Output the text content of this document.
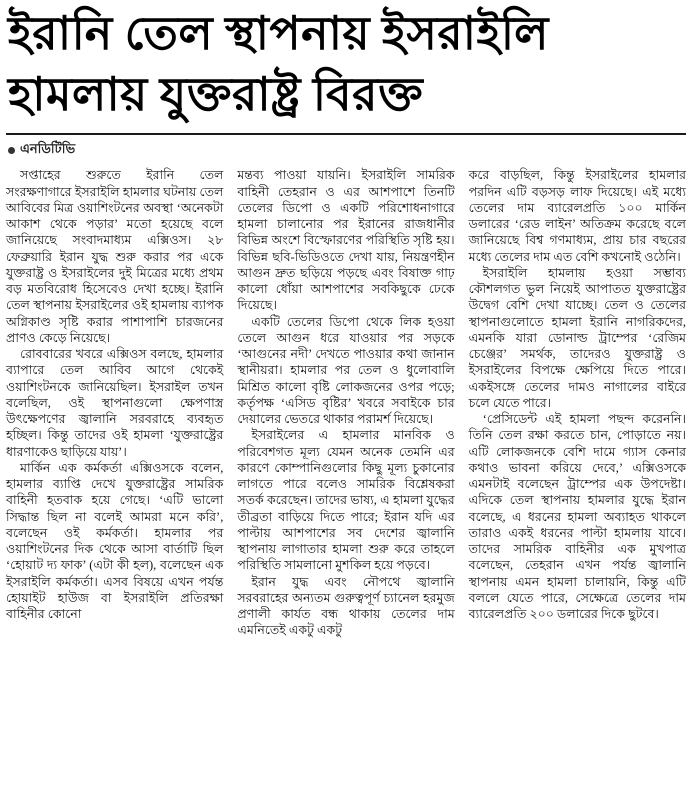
ইরানি তেল স্থাপনায় ইসরাইলি হামলায় যুক্তরাষ্ট্র বিরক্ত
এনডিটিভি

সপ্তাহের শুরুতে ইরানি তেল সংরক্ষণাগারে ইসরাইলি হামলার ঘটনায় তেল আবিবের মিত্র ওয়াশিংটনের অবস্থা ‘অনেকটা আকাশ থেকে পড়ার’ মতো হয়েছে বলে জানিয়েছে সংবাদমাধ্যম এক্সিওস। ২৮ ফেব্রুয়ারি ইরান যুদ্ধ শুরু করার পর একে যুক্তরাষ্ট্র ও ইসরাইলের দুই মিত্রের মধ্যে প্রথম বড় মতবিরোধ হিসেবেও দেখা হচ্ছে। ইরানি তেল স্থাপনায় ইসরাইলের ওই হামলায় ব্যাপক অগ্নিকাণ্ড সৃষ্টি করার পাশাপাশি চারজনের প্রাণও কেড়ে নিয়েছে।

রোববারের খবরে এক্সিওস বলছে, হামলার ব্যাপারে তেল আবিব আগে থেকেই ওয়াশিংটনকে জানিয়েছিল। ইসরাইল তখন বলেছিল, ওই স্থাপনাগুলো ক্ষেপণাস্ত্র উৎক্ষেপণের জ্বালানি সরবরাহে ব্যবহৃত হচ্ছিল। কিন্তু তাদের ওই হামলা ‘যুক্তরাষ্ট্রের ধারণাকেও ছাড়িয়ে যায়’।

মার্কিন এক কর্মকর্তা এক্সিওসকে বলেন, হামলার ব্যাপ্তি দেখে যুক্তরাষ্ট্রের সামরিক বাহিনী হতবাক হয়ে গেছে। ‘এটি ভালো সিদ্ধান্ত ছিল না বলেই আমরা মনে করি’, বলেছেন ওই কর্মকর্তা। হামলার পর ওয়াশিংটনের দিক থেকে আসা বার্তাটি ছিল ‘হোয়াট দ্য ফাক’ (এটা কী হল), বলেছেন এক ইসরাইলি কর্মকর্তা। এসব বিষয়ে এখন পর্যন্ত হোয়াইট হাউজ বা ইসরাইলি প্রতিরক্ষা বাহিনীর কোনো

মন্তব্য পাওয়া যায়নি। ইসরাইলি সামরিক বাহিনী তেহরান ও এর আশপাশে তিনটি তেলের ডিপো ও একটি পরিশোধনাগারে হামলা চালানোর পর ইরানের রাজধানীর বিভিন্ন অংশে বিস্ফোরণের পরিস্থিতি সৃষ্টি হয়। বিভিন্ন ছবি-ভিডিওতে দেখা যায়, নিয়ন্ত্রণহীন আগুন দ্রুত ছড়িয়ে পড়ছে এবং বিষাক্ত গাঢ় কালো ধোঁয়া আশপাশের সবকিছুকে ঢেকে দিয়েছে।

একটি তেলের ডিপো থেকে লিক হওয়া তেলে আগুন ধরে যাওয়ার পর সড়কে ‘আগুনের নদী’ দেখতে পাওয়ার কথা জানান স্থানীয়রা। হামলার পর তেল ও ধুলোবালি মিশ্রিত কালো বৃষ্টি লোকজনের ওপর পড়ে; কর্তৃপক্ষ ‘এসিড বৃষ্টির’ খবরে সবাইকে চার দেয়ালের ভেতরে থাকার পরামর্শ দিয়েছে।

ইসরাইলের এ হামলার মানবিক ও পরিবেশগত মূল্য যেমন অনেক তেমনি এর কারণে কোম্পানিগুলোর কিছু মূল্য চুকানোর লাগতে পারে বলেও সামরিক বিশ্লেষকরা সতর্ক করেছেন। তাদের ভাষ্য, এ হামলা যুদ্ধের তীব্রতা বাড়িয়ে দিতে পারে; ইরান যদি এর পাল্টায় আশপাশের সব দেশের জ্বালানি স্থাপনায় লাগাতার হামলা শুরু করে তাহলে পরিস্থিতি সামলানো মুশকিল হয়ে পড়বে।

ইরান যুদ্ধ এবং নৌপথে জ্বালানি সরবরাহের অন্যতম গুরুত্বপূর্ণ চ্যানেল হরমুজ প্রণালী কার্যত বন্ধ থাকায় তেলের দাম এমনিতেই একটু একটু

করে বাড়ছিল, কিন্তু ইসরাইলের হামলার পরদিন এটি বড়সড় লাফ দিয়েছে। এই মধ্যে তেলের দাম ব্যারেলপ্রতি ১০০ মার্কিন ডলারের ‘রেড লাইন’ অতিক্রম করেছে বলে জানিয়েছে বিশ্ব গণমাধ্যম, প্রায় চার বছরের মধ্যে তেলের দাম এত বেশি কখনোই ওঠেনি।

ইসরাইলি হামলায় হওয়া সম্ভাব্য কৌশলগত ভুল নিয়েই আপাতত যুক্তরাষ্ট্রের উদ্বেগ বেশি দেখা যাচ্ছে। তেল ও তেলের স্থাপনাগুলোতে হামলা ইরানি নাগরিকদের, এমনকি যারা ডোনাল্ড ট্রাম্পের ‘রেজিম চেঞ্জের’ সমর্থক, তাদেরও যুক্তরাষ্ট্র ও ইসরাইলের বিপক্ষে ক্ষেপিয়ে দিতে পারে। একইসঙ্গে তেলের দামও নাগালের বাইরে চলে যেতে পারে।

‘প্রেসিডেন্ট এই হামলা পছন্দ করেননি। তিনি তেল রক্ষা করতে চান, পোড়াতে নয়। এটি লোকজনকে বেশি দামে গ্যাস কেনার কথাও ভাবনা করিয়ে দেবে,’ এক্সিওসকে এমনটাই বলেছেন ট্রাম্পের এক উপদেষ্টা। এদিকে তেল স্থাপনায় হামলার যুদ্ধে ইরান বলেছে, এ ধরনের হামলা অব্যাহত থাকলে তারাও একই ধরনের পাল্টা হামলায় যাবে। তাদের সামরিক বাহিনীর এক মুখপাত্র বলেছেন, তেহরান এখন পর্যন্ত জ্বালানি স্থাপনায় এমন হামলা চালায়নি, কিন্তু এটি বললে যেতে পারে, সেক্ষেত্রে তেলের দাম ব্যারেলপ্রতি ২০০ ডলারের দিকে ছুটবে।
